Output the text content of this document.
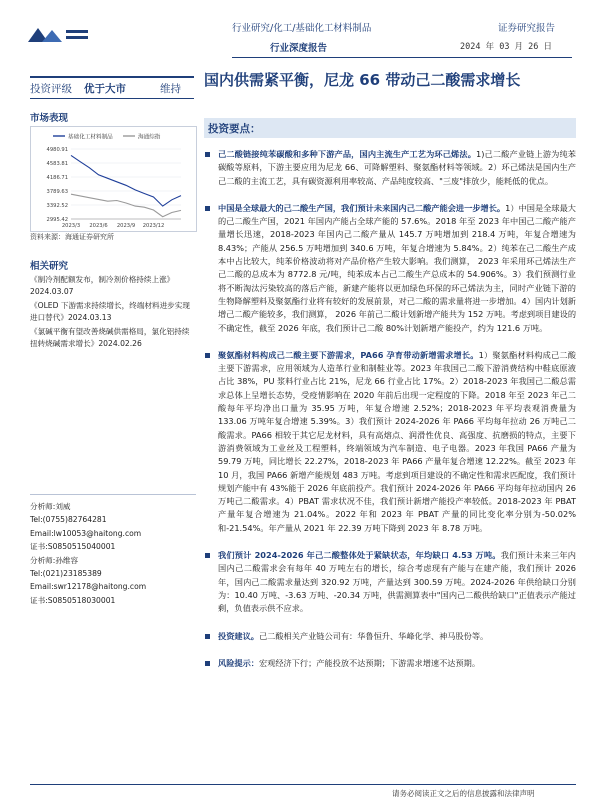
行业研究/化工/基础化工材料制品
行业深度报告
证券研究报告
2024 年 03 月 26 日
投资评级 优于大市	维持 国内供需紧平衡，尼龙 66 带动己二酸需求增长
市场表现
基础化工材料制品	海通综指
4980.91
4583.81
4186.71
3789.63
3392.52
2995.42
2023/3 2023/6 2023/9 2023/12
资料来源：海通证券研究所
相关研究
《制冷剂配额发布，制冷剂价格持续上涨》2024.03.07
《OLED 下游需求持续增长，终端材料进步实现进口替代》2024.03.13
《氯碱平衡有望改善烧碱供需格局，氯化铝持续扭转烧碱需求增长》2024.02.26
分析师:刘威
Tel:(0755)82764281
Email:lw10053@haitong.com
证书:S0850515040001
分析师:孙维容
Tel:(021)23185389
Email:swr12178@haitong.com
证书:S0850518030001
投资要点：
己二酸链接纯苯碳酸和多种下游产品，国内主流生产工艺为环己烯法。1)己二酸产业链上游为纯苯碳酸等原料，下游主要应用为尼龙 66、可降解塑料、聚氨酯材料等领域。2）环己烯法是国内生产己二酸的主流工艺，具有碳资源利用率较高、产品纯度较高、"三废"排放少，能耗低的优点。
中国是全球最大的己二酸生产国，我们预计未来国内己二酸产能会进一步增长。1）中国是全球最大的己二酸生产国，2021 年国内产能占全球产能的 57.6%。2018 年至 2023 年中国己二酸产能产量增长迅速，2018-2023 年国内己二酸产量从 145.7 万吨增加到 218.4 万吨，年复合增速为 8.43%；产能从 256.5 万吨增加到 340.6 万吨，年复合增速为 5.84%。2）纯苯在己二酸生产成本中占比较大，纯苯价格波动将对产品价格产生较大影响。我们测算， 2023 年采用环己烯法生产己二酸的总成本为 8772.8 元/吨，纯苯成本占己二酸生产总成本的 54.906%。3）我们预测行业将不断淘汰污染较高的落后产能，新建产能将以更加绿色环保的环己烯法为主，同时产业链下游的生物降解塑料及聚氨酯行业将有较好的发展前景，对己二酸的需求量将进一步增加。4）国内计划新增己二酸产能较多，我们测算， 2026 年前己二酸计划新增产能共为 152 万吨。考虑到项目建设的不确定性，截至 2026 年底，我们预计己二酸 80%计划新增产能投产，约为 121.6 万吨。
聚氨酯材料构成己二酸主要下游需求，PA66 孕育带动新增需求增长。1）聚氨酯材料构成己二酸主要下游需求，应用领域为人造革行业和制鞋业等。2023 年我国己二酸下游消费结构中鞋底原液占比 38%，PU 浆料行业占比 21%，尼龙 66 行业占比 17%。2）2018-2023 年我国己二酸总需求总体上呈增长态势，受疫情影响在 2020 年前后出现一定程度的下降。2018 年至 2023 年己二酸每年平均净出口量为 35.95 万吨，年复合增速 2.52%；2018-2023 年平均表观消费量为 133.06 万吨年复合增速 5.39%。3）我们预计 2024-2026 年 PA66 平均每年拉动 26 万吨己二酸需求。PA66 相较于其它尼龙材料，具有高熔点、润滑性优良、高强度、抗磨损的特点，主要下游消费领域为工业丝及工程塑料，终端领域为汽车制造、电子电器。2023 年我国 PA66 产量为 59.79 万吨，同比增长 22.27%，2018-2023 年 PA66 产量年复合增速 12.22%。截至 2023 年 10 月，我国 PA66 新增产能规划 483 万吨。考虑到项目建设的不确定性和需求匹配度，我们预计规划产能中有 43%能于 2026 年底前投产。我们预计 2024-2026 年 PA66 平均每年拉动国内 26 万吨己二酸需求。4）PBAT 需求状况不佳，我们预计新增产能投产率较低。2018-2023 年 PBAT 产量年复合增速为 21.04%。2022 年和 2023 年 PBAT 产量的同比变化率分别为-50.02%和-21.54%。年产量从 2021 年 22.39 万吨下降到 2023 年 8.78 万吨。
我们预计 2024-2026 年己二酸整体处于紧缺状态，年均缺口 4.53 万吨。我们预计未来三年内国内己二酸需求会有每年 40 万吨左右的增长，综合考虑现有产能与在建产能，我们预计 2026 年，国内己二酸需求量达到 320.92 万吨，产量达到 300.59 万吨。2024-2026 年供给缺口分别为：10.40 万吨、-3.63 万吨、-20.34 万吨，供需测算表中"国内己二酸供给缺口"正值表示产能过剩，负值表示供不应求。
投资建议。己二酸相关产业链公司有：华鲁恒升、华峰化学、神马股份等。
风险提示：宏观经济下行；产能投放不达预期；下游需求增速不达预期。
请务必阅读正文之后的信息披露和法律声明
